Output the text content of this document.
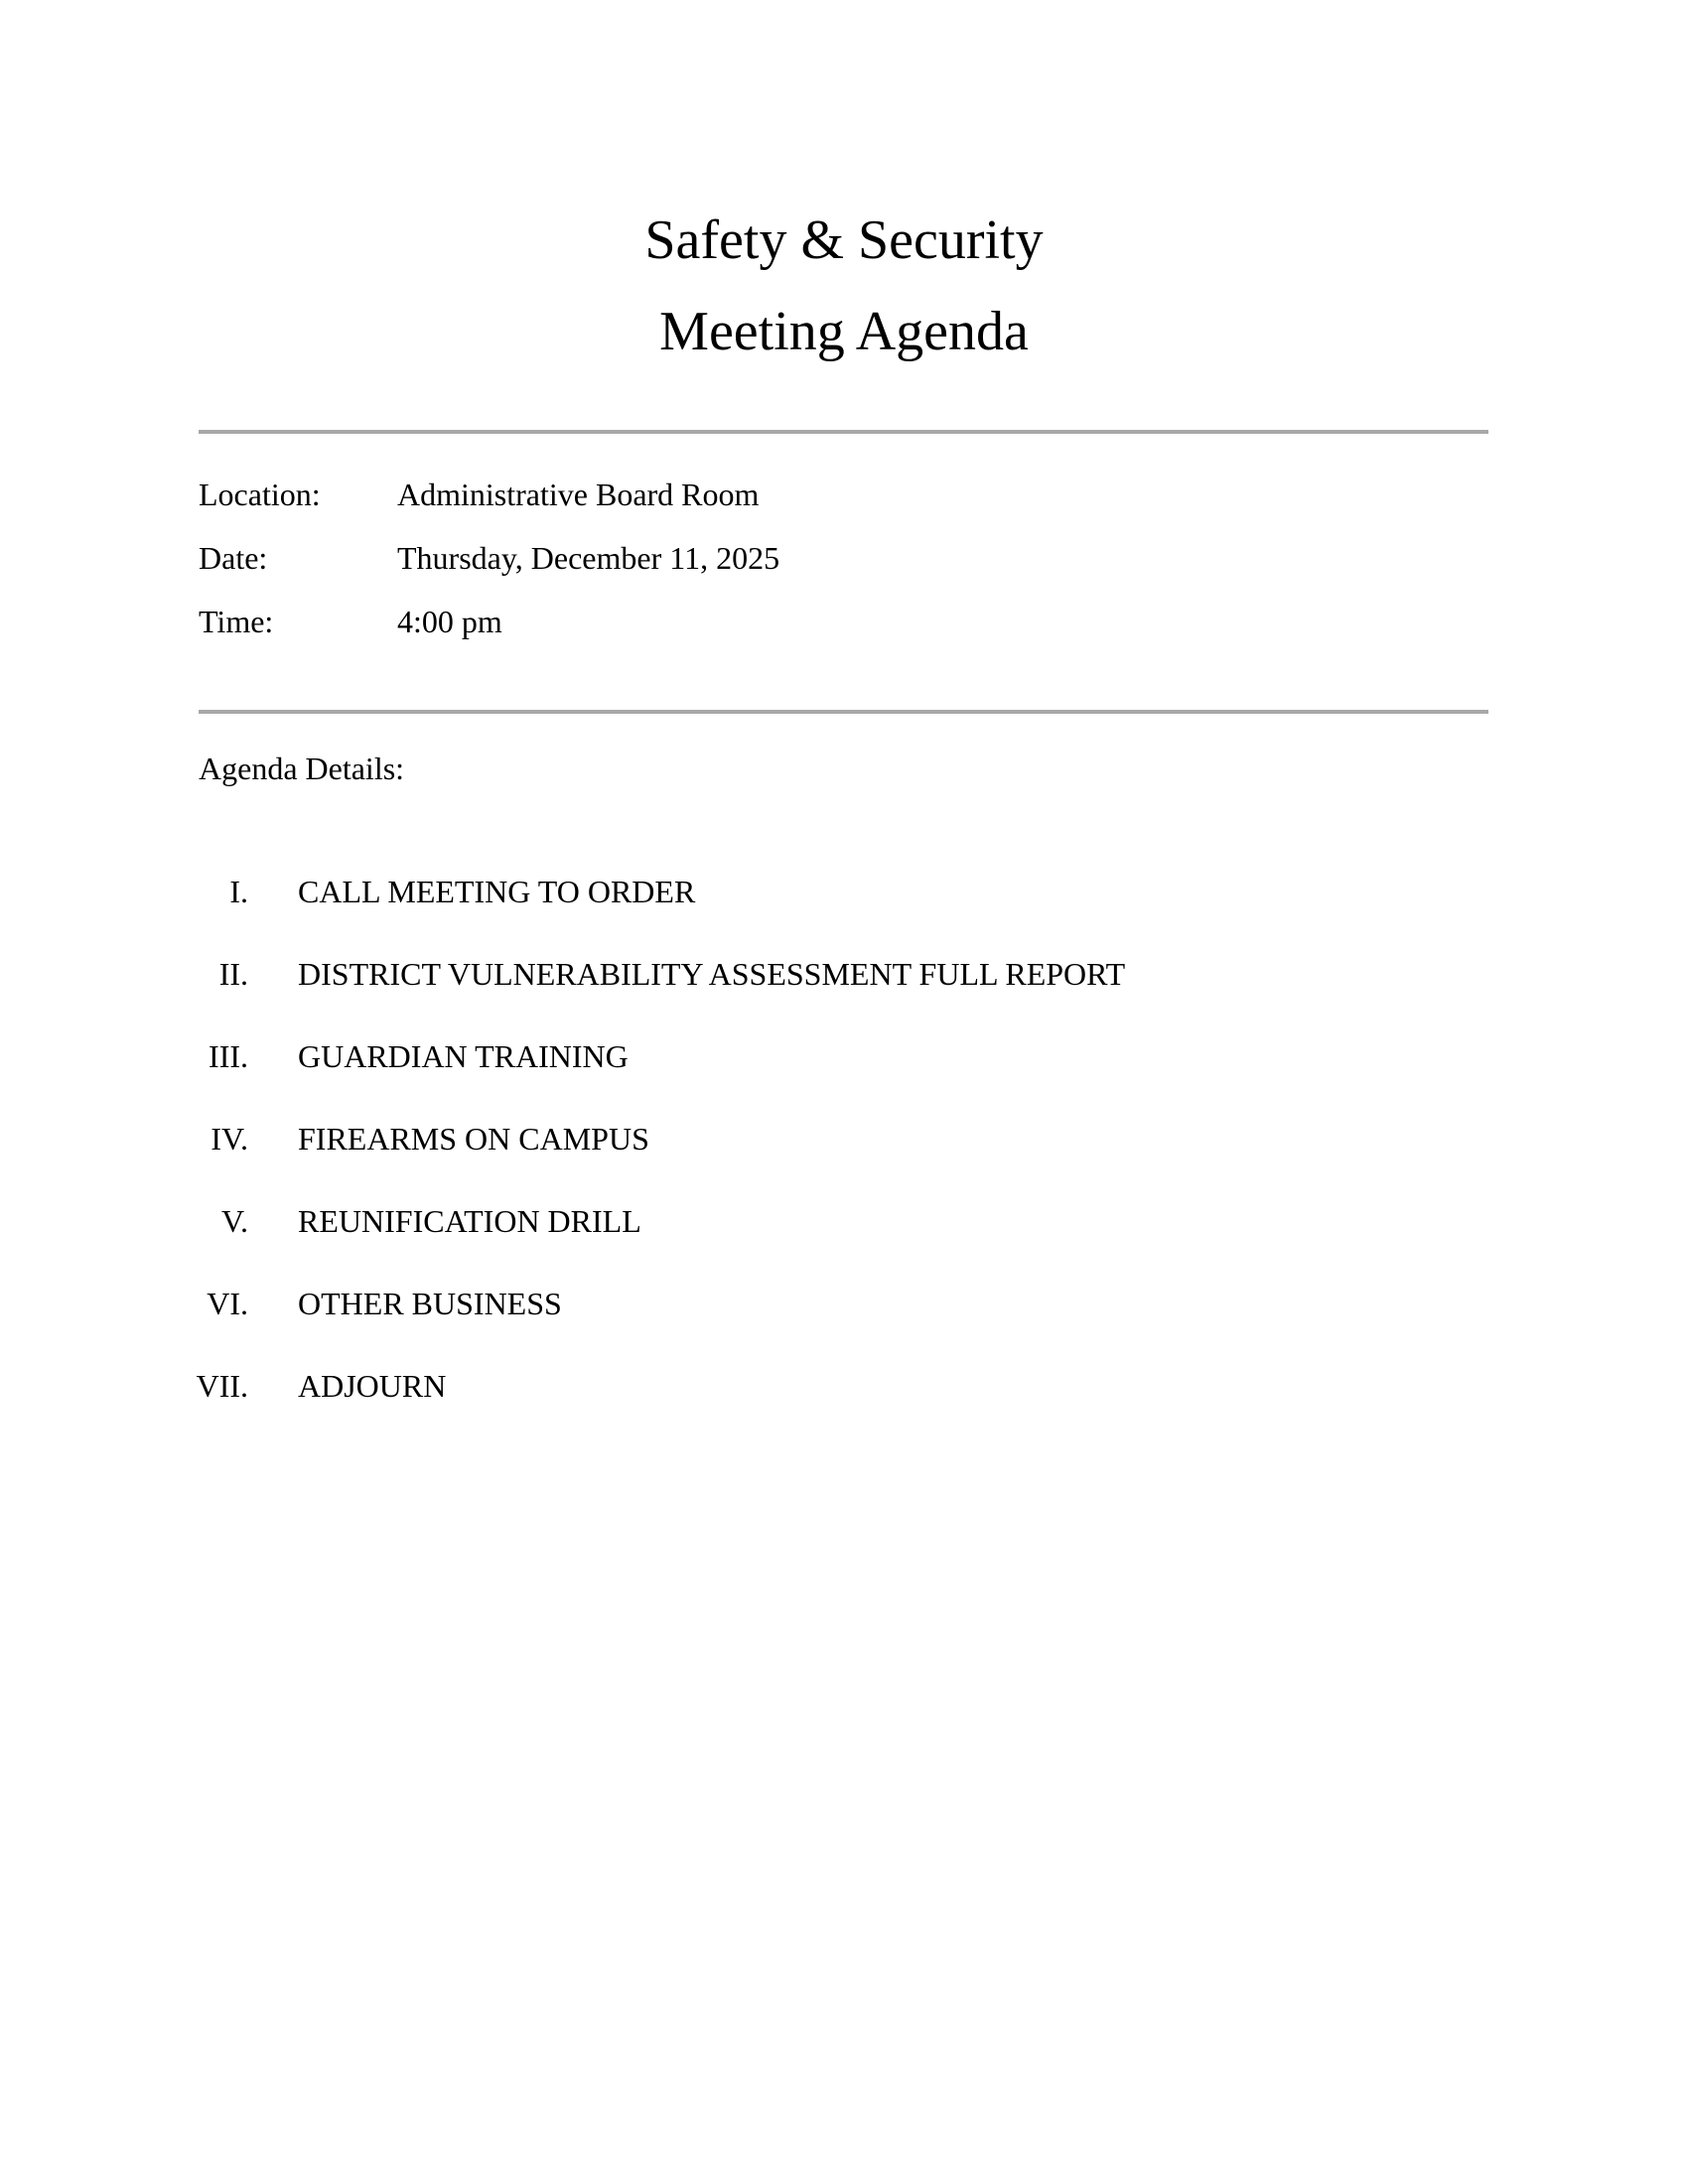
Safety & Security
Meeting Agenda
Location:	Administrative Board Room
Date:	Thursday, December 11, 2025
Time:	4:00 pm
Agenda Details:
I. CALL MEETING TO ORDER
II. DISTRICT VULNERABILITY ASSESSMENT FULL REPORT
III. GUARDIAN TRAINING
IV. FIREARMS ON CAMPUS
V. REUNIFICATION DRILL
VI. OTHER BUSINESS
VII. ADJOURN
